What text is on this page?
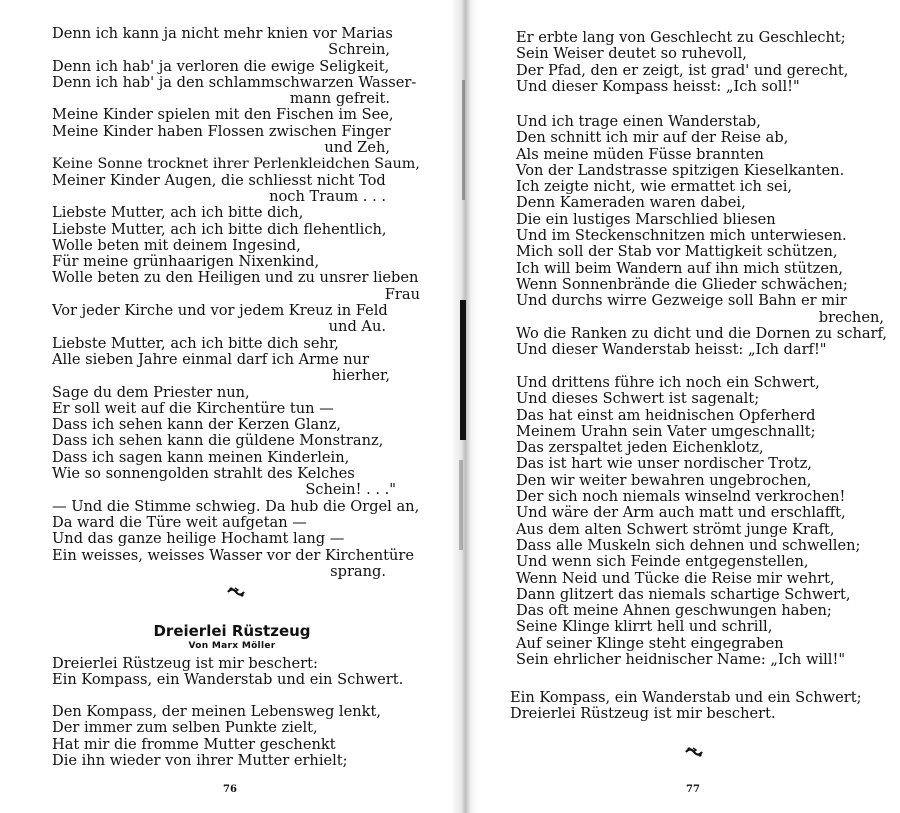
Denn ich kann ja nicht mehr knien vor Marias
Schrein,
Denn ich hab' ja verloren die ewige Seligkeit,
Denn ich hab' ja den schlammschwarzen Wasser-
mann gefreit.
Meine Kinder spielen mit den Fischen im See,
Meine Kinder haben Flossen zwischen Finger
und Zeh,
Keine Sonne trocknet ihrer Perlenkleidchen Saum,
Meiner Kinder Augen, die schliesst nicht Tod
noch Traum . . .
Liebste Mutter, ach ich bitte dich,
Liebste Mutter, ach ich bitte dich flehentlich,
Wolle beten mit deinem Ingesind,
Für meine grünhaarigen Nixenkind,
Wolle beten zu den Heiligen und zu unsrer lieben
Frau
Vor jeder Kirche und vor jedem Kreuz in Feld
und Au.
Liebste Mutter, ach ich bitte dich sehr,
Alle sieben Jahre einmal darf ich Arme nur
hierher,
Sage du dem Priester nun,
Er soll weit auf die Kirchentüre tun —
Dass ich sehen kann der Kerzen Glanz,
Dass ich sehen kann die güldene Monstranz,
Dass ich sagen kann meinen Kinderlein,
Wie so sonnengolden strahlt des Kelches
Schein! . . ."
— Und die Stimme schwieg. Da hub die Orgel an,
Da ward die Türe weit aufgetan —
Und das ganze heilige Hochamt lang —
Ein weisses, weisses Wasser vor der Kirchentüre
sprang.
Dreierlei Rüstzeug
Von Marx Möller
Dreierlei Rüstzeug ist mir beschert:
Ein Kompass, ein Wanderstab und ein Schwert.
Den Kompass, der meinen Lebensweg lenkt,
Der immer zum selben Punkte zielt,
Hat mir die fromme Mutter geschenkt
Die ihn wieder von ihrer Mutter erhielt;
76
Er erbte lang von Geschlecht zu Geschlecht;
Sein Weiser deutet so ruhevoll,
Der Pfad, den er zeigt, ist grad' und gerecht,
Und dieser Kompass heisst: „Ich soll!"
Und ich trage einen Wanderstab,
Den schnitt ich mir auf der Reise ab,
Als meine müden Füsse brannten
Von der Landstrasse spitzigen Kieselkanten.
Ich zeigte nicht, wie ermattet ich sei,
Denn Kameraden waren dabei,
Die ein lustiges Marschlied bliesen
Und im Steckenschnitzen mich unterwiesen.
Mich soll der Stab vor Mattigkeit schützen,
Ich will beim Wandern auf ihn mich stützen,
Wenn Sonnenbrände die Glieder schwächen;
Und durchs wirre Gezweige soll Bahn er mir
brechen,
Wo die Ranken zu dicht und die Dornen zu scharf,
Und dieser Wanderstab heisst: „Ich darf!"
Und drittens führe ich noch ein Schwert,
Und dieses Schwert ist sagenalt;
Das hat einst am heidnischen Opferherd
Meinem Urahn sein Vater umgeschnallt;
Das zerspaltet jeden Eichenklotz,
Das ist hart wie unser nordischer Trotz,
Den wir weiter bewahren ungebrochen,
Der sich noch niemals winselnd verkrochen!
Und wäre der Arm auch matt und erschlafft,
Aus dem alten Schwert strömt junge Kraft,
Dass alle Muskeln sich dehnen und schwellen;
Und wenn sich Feinde entgegenstellen,
Wenn Neid und Tücke die Reise mir wehrt,
Dann glitzert das niemals schartige Schwert,
Das oft meine Ahnen geschwungen haben;
Seine Klinge klirrt hell und schrill,
Auf seiner Klinge steht eingegraben
Sein ehrlicher heidnischer Name: „Ich will!"
Ein Kompass, ein Wanderstab und ein Schwert;
Dreierlei Rüstzeug ist mir beschert.
77
